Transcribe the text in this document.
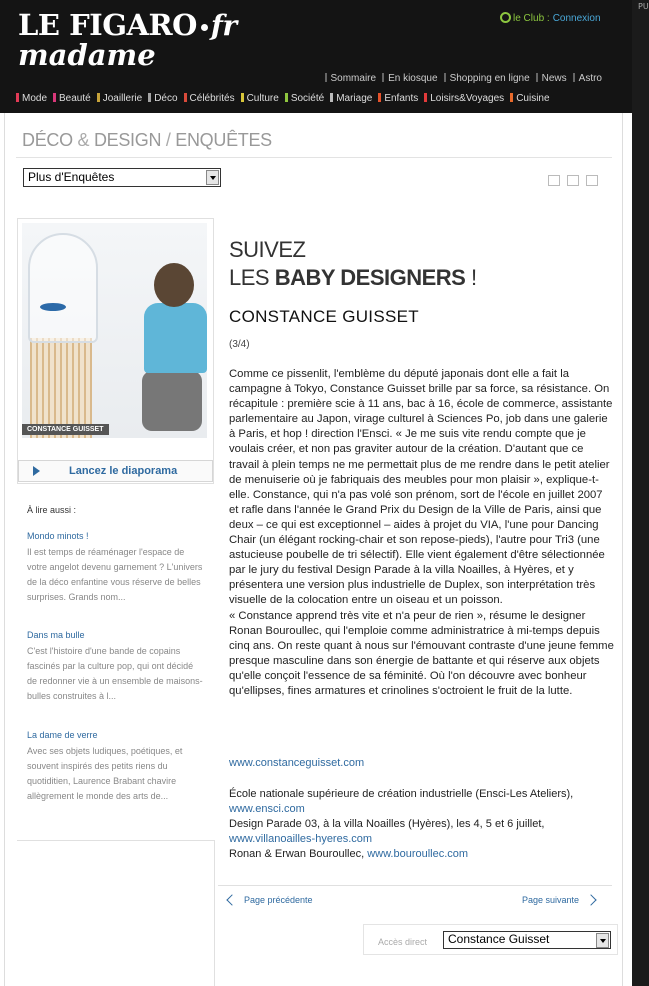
LE FIGARO fr
madame
le Club : Connexion
Sommaire En kiosque Shopping en ligne News Astro
Mode Beauté Joaillerie Déco Célébrités Culture Société Mariage Enfants Loisirs&Voyages Cuisine
PU
DÉCO & DESIGN / ENQUÊTES
Plus d'Enquêtes
CONSTANCE GUISSET
Lancez le diaporama
À lire aussi :
Mondo minots !
Il est temps de réaménager l'espace de votre angelot devenu garnement ? L'univers de la déco enfantine vous réserve de belles surprises. Grands nom...
Dans ma bulle
C'est l'histoire d'une bande de copains fascinés par la culture pop, qui ont décidé de redonner vie à un ensemble de maisons-bulles construites à l...
La dame de verre
Avec ses objets ludiques, poétiques, et souvent inspirés des petits riens du quotiditien, Laurence Brabant chavire allègrement le monde des arts de...
SUIVEZ
LES BABY DESIGNERS !
CONSTANCE GUISSET
(3/4)

Comme ce pissenlit, l'emblème du député japonais dont elle a fait la campagne à Tokyo, Constance Guisset brille par sa force, sa résistance. On récapitule : première scie à 11 ans, bac à 16, école de commerce, assistante parlementaire au Japon, virage culturel à Sciences Po, job dans une galerie à Paris, et hop ! direction l'Ensci. « Je me suis vite rendu compte que je voulais créer, et non pas graviter autour de la création. D'autant que ce travail à plein temps ne me permettait plus de me rendre dans le petit atelier de menuiserie où je fabriquais des meubles pour mon plaisir », explique-t-elle. Constance, qui n'a pas volé son prénom, sort de l'école en juillet 2007 et rafle dans l'année le Grand Prix du Design de la Ville de Paris, ainsi que deux – ce qui est exceptionnel – aides à projet du VIA, l'une pour Dancing Chair (un élégant rocking-chair et son repose-pieds), l'autre pour Tri3 (une astucieuse poubelle de tri sélectif). Elle vient également d'être sélectionnée par le jury du festival Design Parade à la villa Noailles, à Hyères, et y présentera une version plus industrielle de Duplex, son interprétation très visuelle de la colocation entre un oiseau et un poisson.

« Constance apprend très vite et n'a peur de rien », résume le designer Ronan Bouroullec, qui l'emploie comme administratrice à mi-temps depuis cinq ans. On reste quant à nous sur l'émouvant contraste d'une jeune femme presque masculine dans son énergie de battante et qui réserve aux objets qu'elle conçoit l'essence de sa féminité. Où l'on découvre avec bonheur qu'ellipses, fines armatures et crinolines s'octroient le fruit de la lutte.

www.constanceguisset.com
École nationale supérieure de création industrielle (Ensci-Les Ateliers), www.ensci.com
Design Parade 03, à la villa Noailles (Hyères), les 4, 5 et 6 juillet, www.villanoailles-hyeres.com
Ronan & Erwan Bouroullec, www.bouroullec.com
Page précédente	Page suivante
Accès direct	Constance Guisset
